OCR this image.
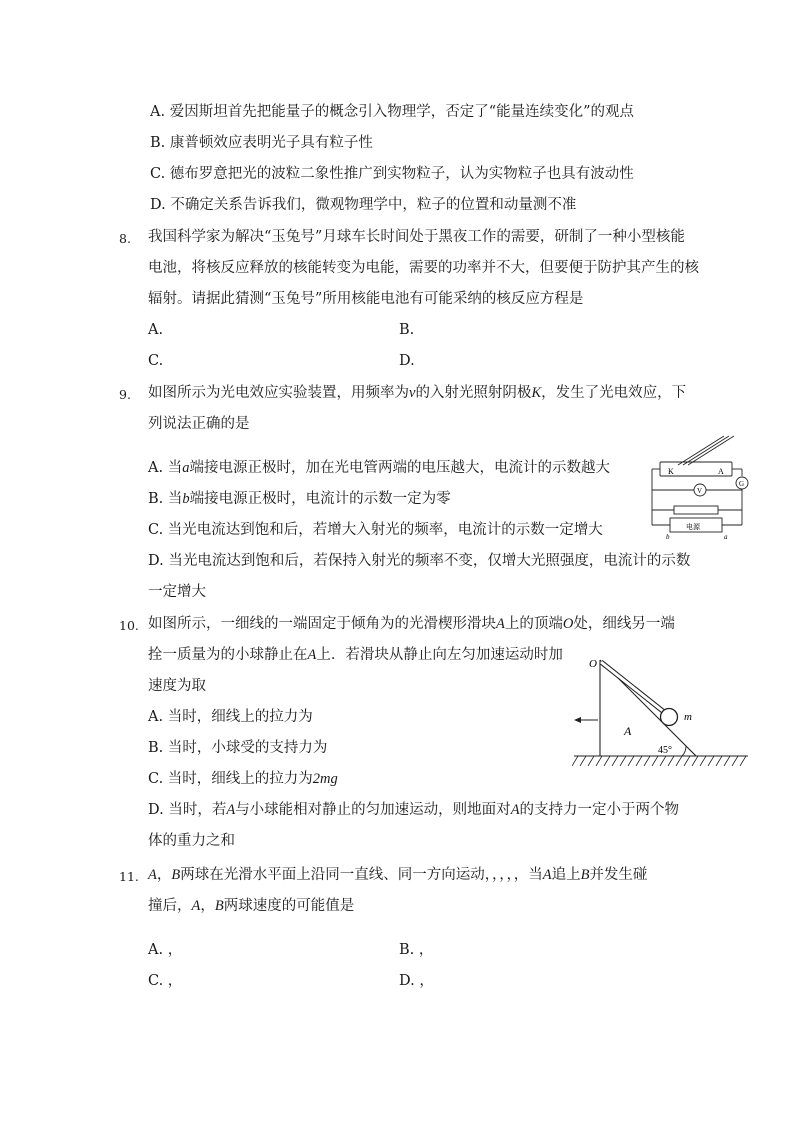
A. 爱因斯坦首先把能量子的概念引入物理学，否定了“能量连续变化”的观点
B. 康普顿效应表明光子具有粒子性
C. 德布罗意把光的波粒二象性推广到实物粒子，认为实物粒子也具有波动性
D. 不确定关系告诉我们，微观物理学中，粒子的位置和动量测不准
8. 我国科学家为解决“玉兔号”月球车长时间处于黑夜工作的需要，研制了一种小型核能
电池，将核反应释放的核能转变为电能，需要的功率并不大，但要便于防护其产生的核
辐射。请据此猜测“玉兔号”所用核能电池有可能采纳的核反应方程是
A.	B.
C.	D.
9. 如图所示为光电效应实验装置，用频率为v的入射光照射阴极K，发生了光电效应，下
列说法正确的是
A. 当a端接电源正极时，加在光电管两端的电压越大，电流计的示数越大
B. 当b端接电源正极时，电流计的示数一定为零
C. 当光电流达到饱和后，若增大入射光的频率，电流计的示数一定增大
D. 当光电流达到饱和后，若保持入射光的频率不变，仅增大光照强度，电流计的示数
一定增大
K	A
V
G
电源
b	a
10. 如图所示，一细线的一端固定于倾角为的光滑楔形滑块A上的顶端O处，细线另一端
拴一质量为的小球静止在A上．若滑块从静止向左匀加速运动时加
速度为取
A. 当时，细线上的拉力为
B. 当时，小球受的支持力为
C. 当时，细线上的拉力为2mg
D. 当时，若A与小球能相对静止的匀加速运动，则地面对A的支持力一定小于两个物
体的重力之和
O
A
m
45°
11. A，B两球在光滑水平面上沿同一直线、同一方向运动，，，，，当A追上B并发生碰
撞后，A，B两球速度的可能值是
A. ，	B. ，
C. ，	D. ，
